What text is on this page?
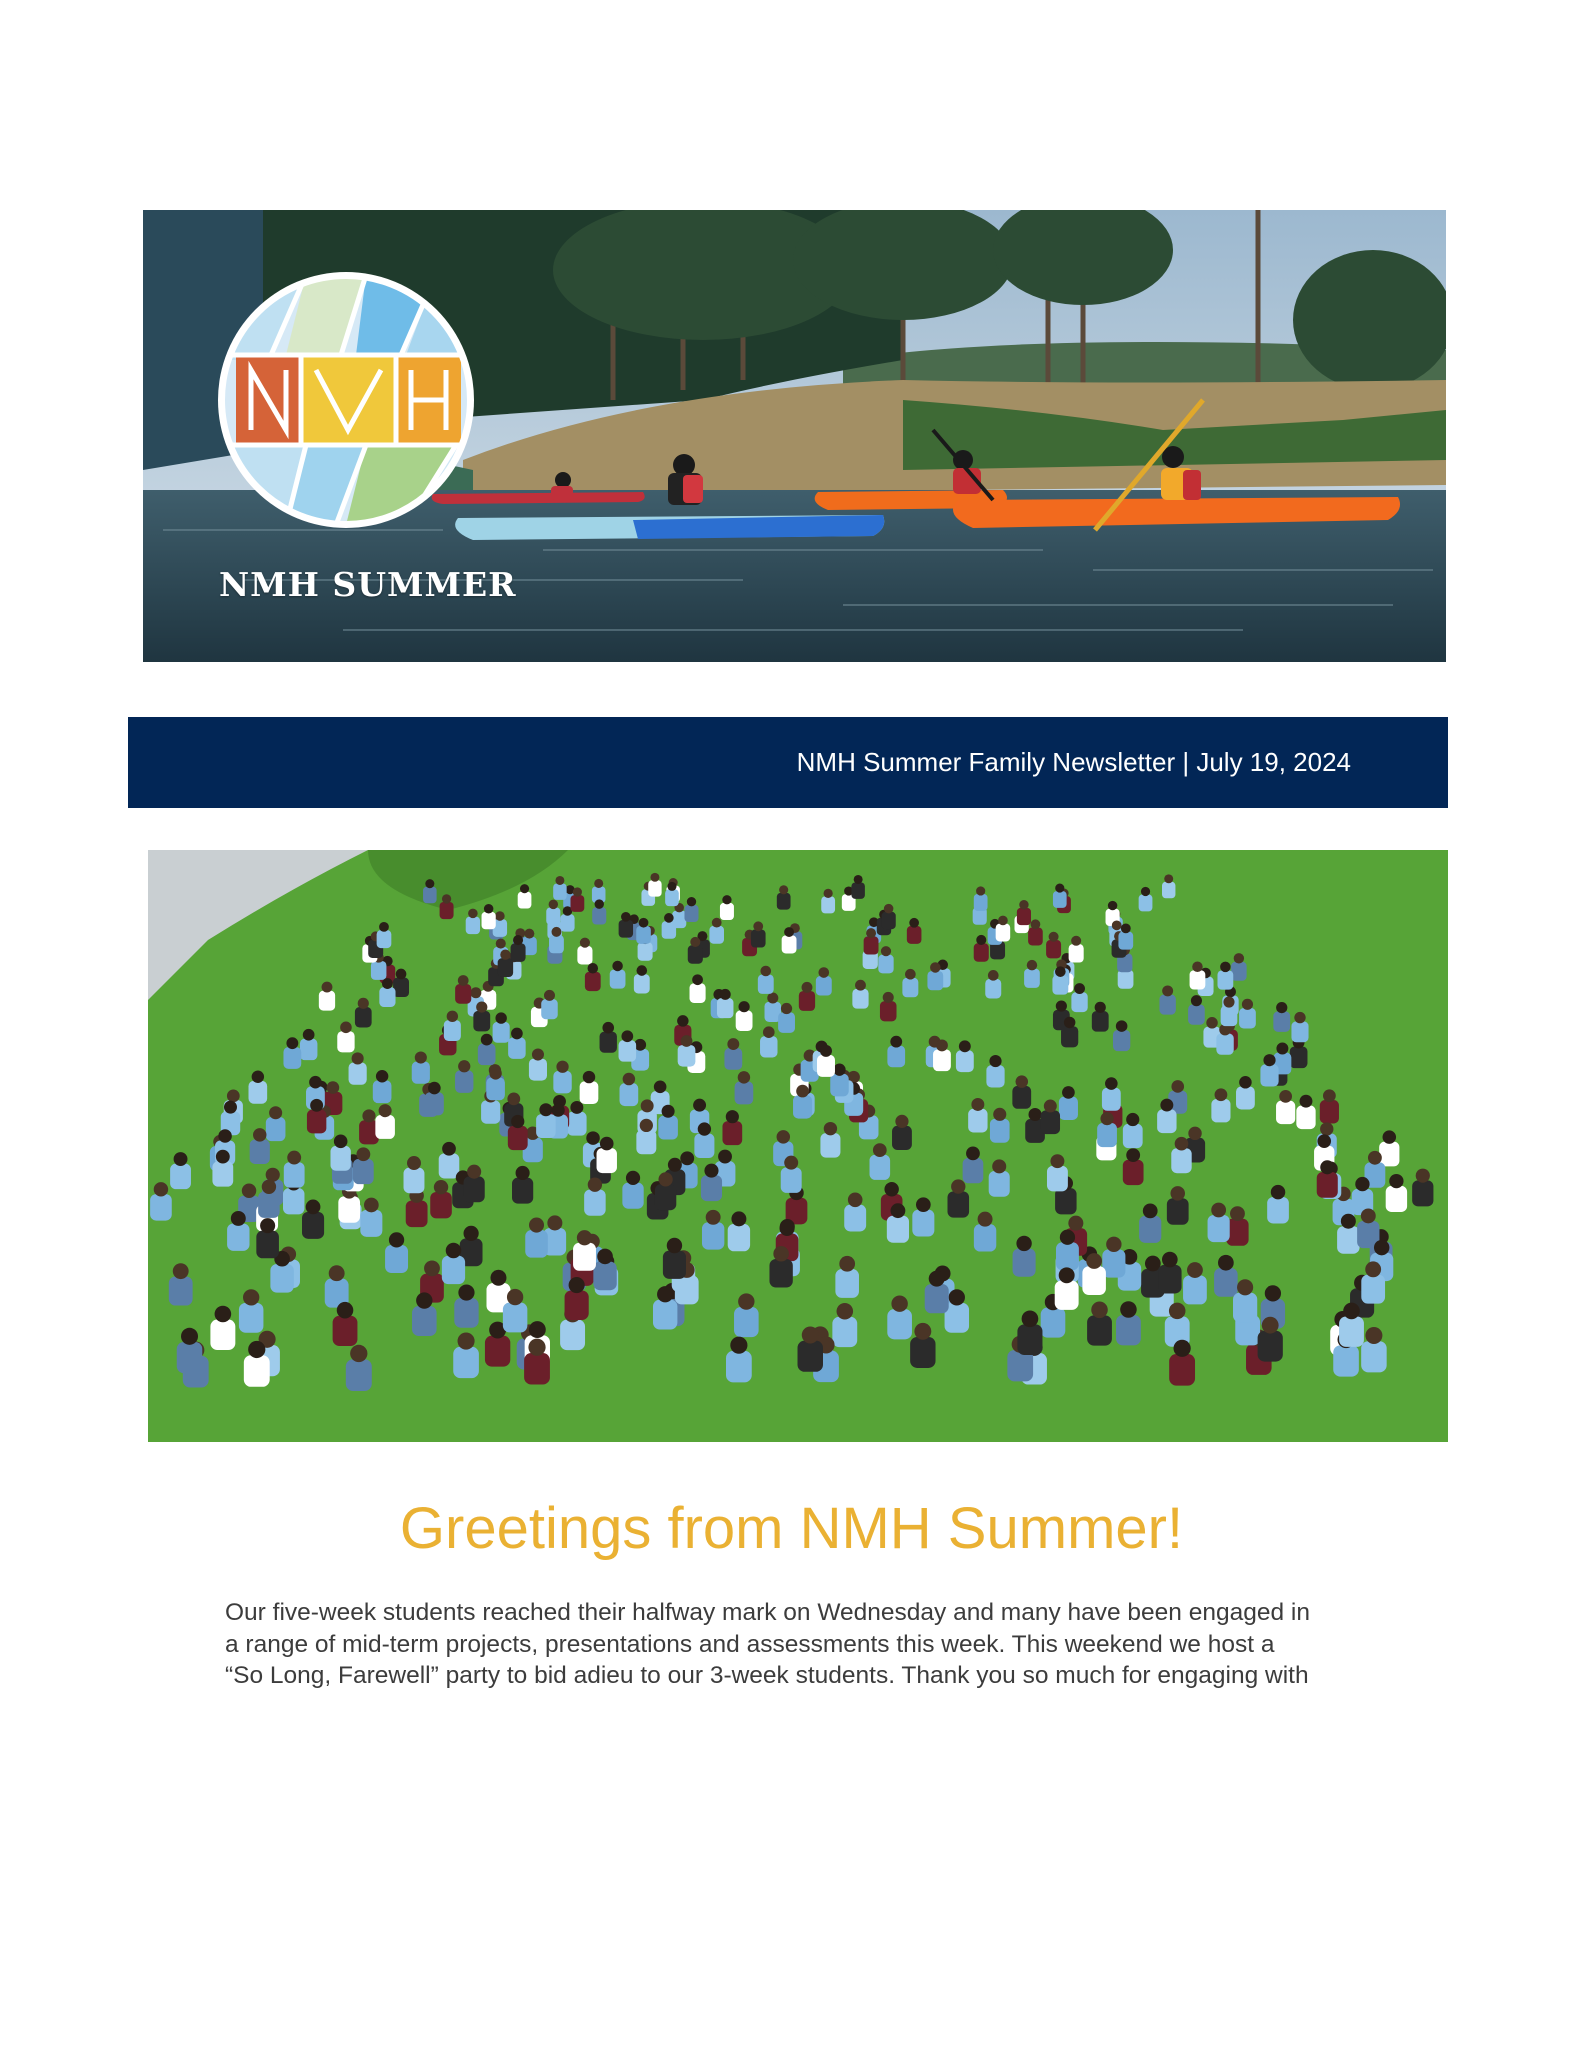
NMH SUMMER
NMH Summer Family Newsletter | July 19, 2024
Greetings from NMH Summer!
Our five-week students reached their halfway mark on Wednesday and many have been engaged in
a range of mid-term projects, presentations and assessments this week. This weekend we host a
“So Long, Farewell” party to bid adieu to our 3-week students. Thank you so much for engaging with
